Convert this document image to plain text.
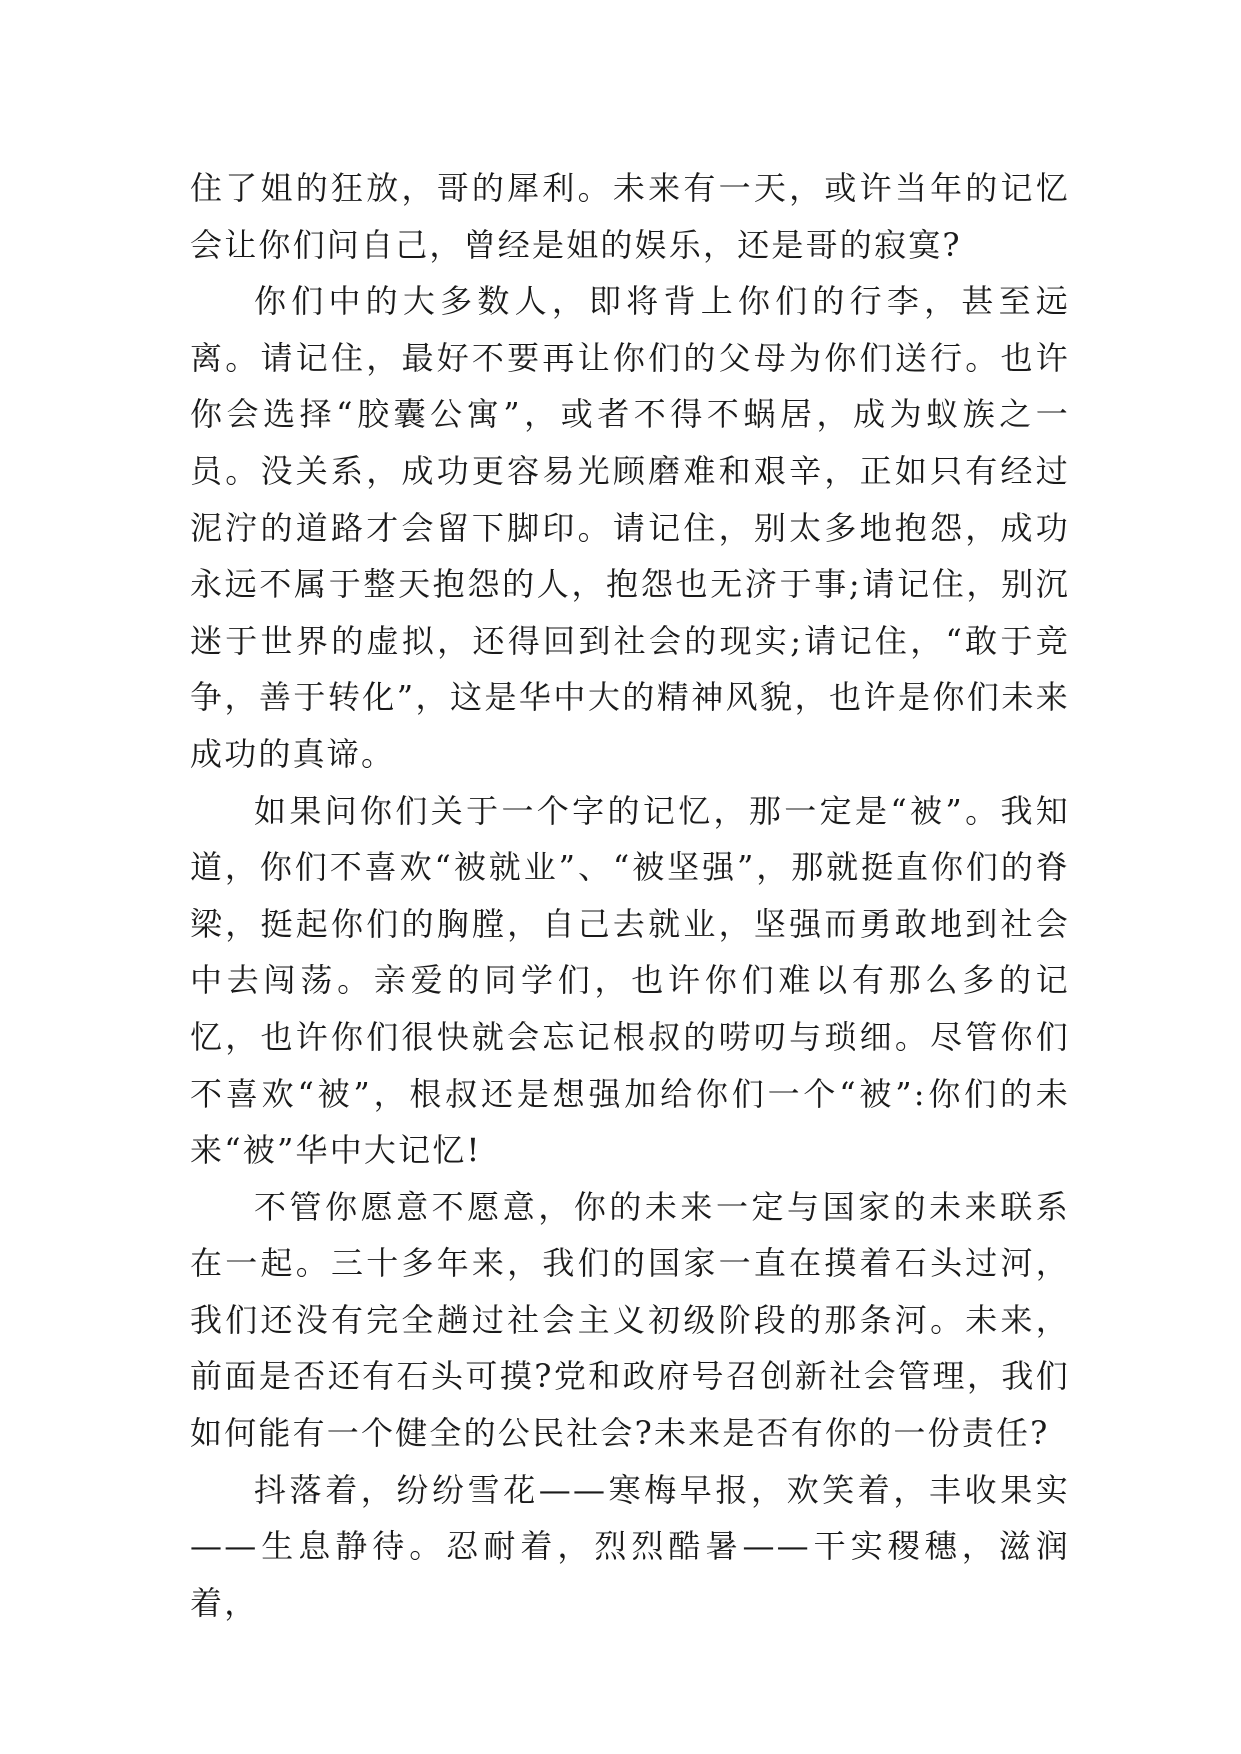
住了姐的狂放，哥的犀利。未来有一天，或许当年的记忆会让你们问自己，曾经是姐的娱乐，还是哥的寂寞?

你们中的大多数人，即将背上你们的行李，甚至远离。请记住，最好不要再让你们的父母为你们送行。也许你会选择“胶囊公寓”，或者不得不蜗居，成为蚁族之一员。没关系，成功更容易光顾磨难和艰辛，正如只有经过泥泞的道路才会留下脚印。请记住，别太多地抱怨，成功永远不属于整天抱怨的人，抱怨也无济于事;请记住，别沉迷于世界的虚拟，还得回到社会的现实;请记住，“敢于竞争，善于转化”，这是华中大的精神风貌，也许是你们未来成功的真谛。

如果问你们关于一个字的记忆，那一定是“被”。我知道，你们不喜欢“被就业”、“被坚强”，那就挺直你们的脊梁，挺起你们的胸膛，自己去就业，坚强而勇敢地到社会中去闯荡。亲爱的同学们，也许你们难以有那么多的记忆，也许你们很快就会忘记根叔的唠叨与琐细。尽管你们不喜欢“被”，根叔还是想强加给你们一个“被”:你们的未来“被”华中大记忆!

不管你愿意不愿意，你的未来一定与国家的未来联系在一起。三十多年来，我们的国家一直在摸着石头过河，我们还没有完全趟过社会主义初级阶段的那条河。未来，前面是否还有石头可摸?党和政府号召创新社会管理，我们如何能有一个健全的公民社会?未来是否有你的一份责任?

抖落着，纷纷雪花——寒梅早报，欢笑着，丰收果实——生息静待。忍耐着，烈烈酷暑——干实稷穗，滋润着，
